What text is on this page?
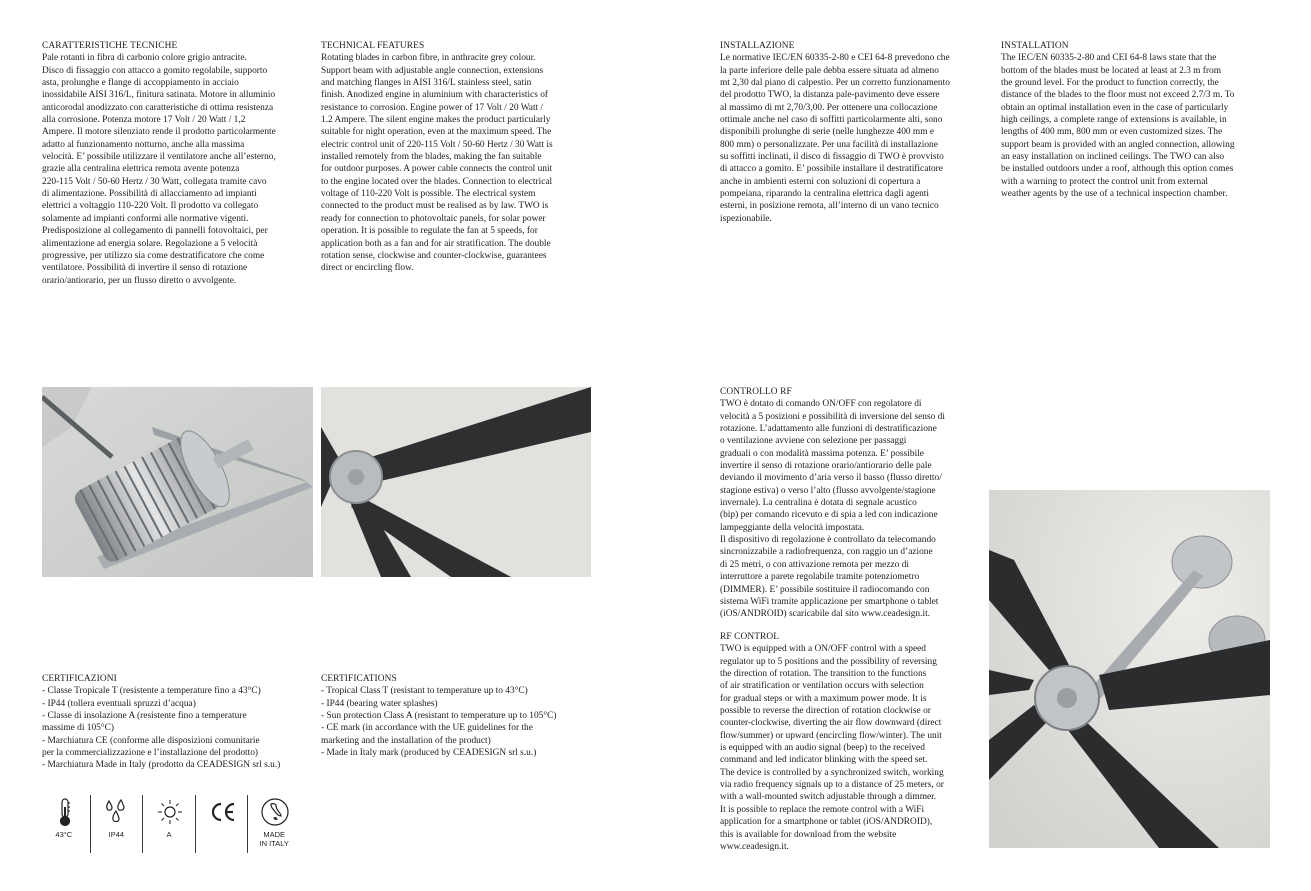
CARATTERISTICHE TECNICHE
Pale rotanti in fibra di carbonio colore grigio antracite.
Disco di fissaggio con attacco a gomito regolabile, supporto
asta, prolunghe e flange di accoppiamento in acciaio
inossidabile AISI 316/L, finitura satinata. Motore in alluminio
anticorodal anodizzato con caratteristiche di ottima resistenza
alla corrosione. Potenza motore 17 Volt / 20 Watt / 1,2
Ampere. Il motore silenziato rende il prodotto particolarmente
adatto al funzionamento notturno, anche alla massima
velocità. E’ possibile utilizzare il ventilatore anche all’esterno,
grazie alla centralina elettrica remota avente potenza
220-115 Volt / 50-60 Hertz / 30 Watt, collegata tramite cavo
di alimentazione. Possibilità di allacciamento ad impianti
elettrici a voltaggio 110-220 Volt. Il prodotto va collegato
solamente ad impianti conformi alle normative vigenti.
Predisposizione al collegamento di pannelli fotovoltaici, per
alimentazione ad energia solare. Regolazione a 5 velocità
progressive, per utilizzo sia come destratificatore che come
ventilatore. Possibilità di invertire il senso di rotazione
orario/antiorario, per un flusso diretto o avvolgente.
TECHNICAL FEATURES
Rotating blades in carbon fibre, in anthracite grey colour.
Support beam with adjustable angle connection, extensions
and matching flanges in AISI 316/L stainless steel, satin
finish. Anodized engine in aluminium with characteristics of
resistance to corrosion. Engine power of 17 Volt / 20 Watt /
1.2 Ampere. The silent engine makes the product particularly
suitable for night operation, even at the maximum speed. The
electric control unit of 220-115 Volt / 50-60 Hertz / 30 Watt is
installed remotely from the blades, making the fan suitable
for outdoor purposes. A power cable connects the control unit
to the engine located over the blades. Connection to electrical
voltage of 110-220 Volt is possible. The electrical system
connected to the product must be realised as by law. TWO is
ready for connection to photovoltaic panels, for solar power
operation. It is possible to regulate the fan at 5 speeds, for
application both as a fan and for air stratification. The double
rotation sense, clockwise and counter-clockwise, guarantees
direct or encircling flow.
INSTALLAZIONE
Le normative IEC/EN 60335-2-80 e CEI 64-8 prevedono che
la parte inferiore delle pale debba essere situata ad almeno
mt 2,30 dal piano di calpestio. Per un corretto funzionamento
del prodotto TWO, la distanza pale-pavimento deve essere
al massimo di mt 2,70/3,00. Per ottenere una collocazione
ottimale anche nel caso di soffitti particolarmente alti, sono
disponibili prolunghe di serie (nelle lunghezze 400 mm e
800 mm) o personalizzate. Per una facilità di installazione
su soffitti inclinati, il disco di fissaggio di TWO è provvisto
di attacco a gomito. E’ possibile installare il destratificatore
anche in ambienti esterni con soluzioni di copertura a
pompeiana, riparando la centralina elettrica dagli agenti
esterni, in posizione remota, all’interno di un vano tecnico
ispezionabile.
INSTALLATION
The IEC/EN 60335-2-80 and CEI 64-8 laws state that the
bottom of the blades must be located at least at 2.3 m from
the ground level. For the product to function correctly, the
distance of the blades to the floor must not exceed 2.7/3 m. To
obtain an optimal installation even in the case of particularly
high ceilings, a complete range of extensions is available, in
lengths of 400 mm, 800 mm or even customized sizes. The
support beam is provided with an angled connection, allowing
an easy installation on inclined ceilings. The TWO can also
be installed outdoors under a roof, although this option comes
with a warning to protect the control unit from external
weather agents by the use of a technical inspection chamber.
CERTIFICAZIONI
- Classe Tropicale T (resistente a temperature fino a 43°C)
- IP44 (tollera eventuali spruzzi d’acqua)
- Classe di insolazione A (resistente fino a temperature
massime di 105°C)
- Marchiatura CE (conforme alle disposizioni comunitarie
per la commercializzazione e l’installazione del prodotto)
- Marchiatura Made in Italy (prodotto da CEADESIGN srl s.u.)
CERTIFICATIONS
- Tropical Class T (resistant to temperature up to 43°C)
- IP44 (bearing water splashes)
- Sun protection Class A (resistant to temperature up to 105°C)
- CE mark (in accordance with the UE guidelines for the
marketing and the installation of the product)
- Made in Italy mark (produced by CEADESIGN srl s.u.)
43°C	IP44	A	MADE
IN ITALY
CONTROLLO RF
TWO è dotato di comando ON/OFF con regolatore di
velocità a 5 posizioni e possibilità di inversione del senso di
rotazione. L’adattamento alle funzioni di destratificazione
o ventilazione avviene con selezione per passaggi
graduali o con modalità massima potenza. E’ possibile
invertire il senso di rotazione orario/antiorario delle pale
deviando il movimento d’aria verso il basso (flusso diretto/
stagione estiva) o verso l’alto (flusso avvolgente/stagione
invernale). La centralina è dotata di segnale acustico
(bip) per comando ricevuto e di spia a led con indicazione
lampeggiante della velocità impostata.
Il dispositivo di regolazione è controllato da telecomando
sincronizzabile a radiofrequenza, con raggio un d’azione
di 25 metri, o con attivazione remota per mezzo di
interruttore a parete regolabile tramite potenziometro
(DIMMER). E’ possibile sostituire il radiocomando con
sistema WiFi tramite applicazione per smartphone o tablet
(iOS/ANDROID) scaricabile dal sito www.ceadesign.it.
RF CONTROL
TWO is equipped with a ON/OFF control with a speed
regulator up to 5 positions and the possibility of reversing
the direction of rotation. The transition to the functions
of air stratification or ventilation occurs with selection
for gradual steps or with a maximum power mode. It is
possible to reverse the direction of rotation clockwise or
counter-clockwise, diverting the air flow downward (direct
flow/summer) or upward (encircling flow/winter). The unit
is equipped with an audio signal (beep) to the received
command and led indicator blinking with the speed set.
The device is controlled by a synchronized switch, working
via radio frequency signals up to a distance of 25 meters, or
with a wall-mounted switch adjustable through a dimmer.
It is possible to replace the remote control with a WiFi
application for a smartphone or tablet (iOS/ANDROID),
this is available for download from the website
www.ceadesign.it.
